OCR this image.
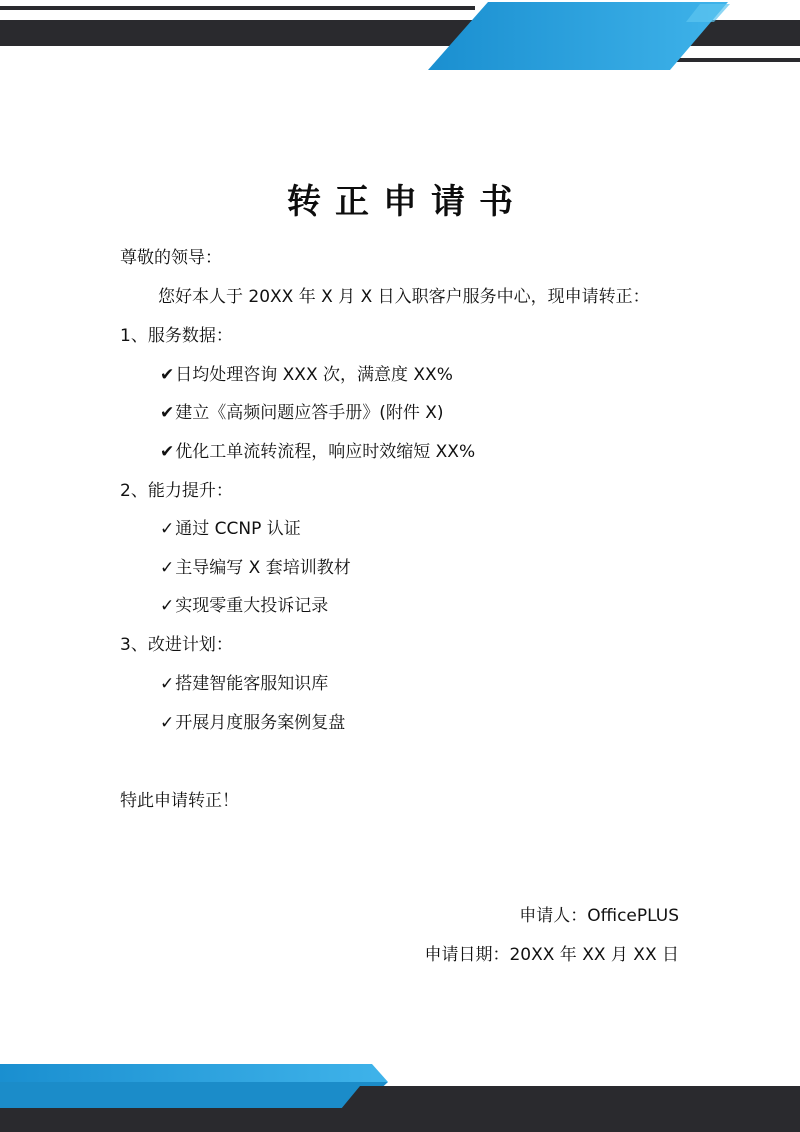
转正申请书
尊敬的领导：
您好本人于 20XX 年 X 月 X 日入职客户服务中心，现申请转正：
1、服务数据：
✔日均处理咨询 XXX 次，满意度 XX%
✔建立《高频问题应答手册》(附件 X)
✔优化工单流转流程，响应时效缩短 XX%
2、能力提升：
✓通过 CCNP 认证
✓主导编写 X 套培训教材
✓实现零重大投诉记录
3、改进计划：
✓搭建智能客服知识库
✓开展月度服务案例复盘
特此申请转正！
申请人：OfficePLUS
申请日期：20XX 年 XX 月 XX 日
